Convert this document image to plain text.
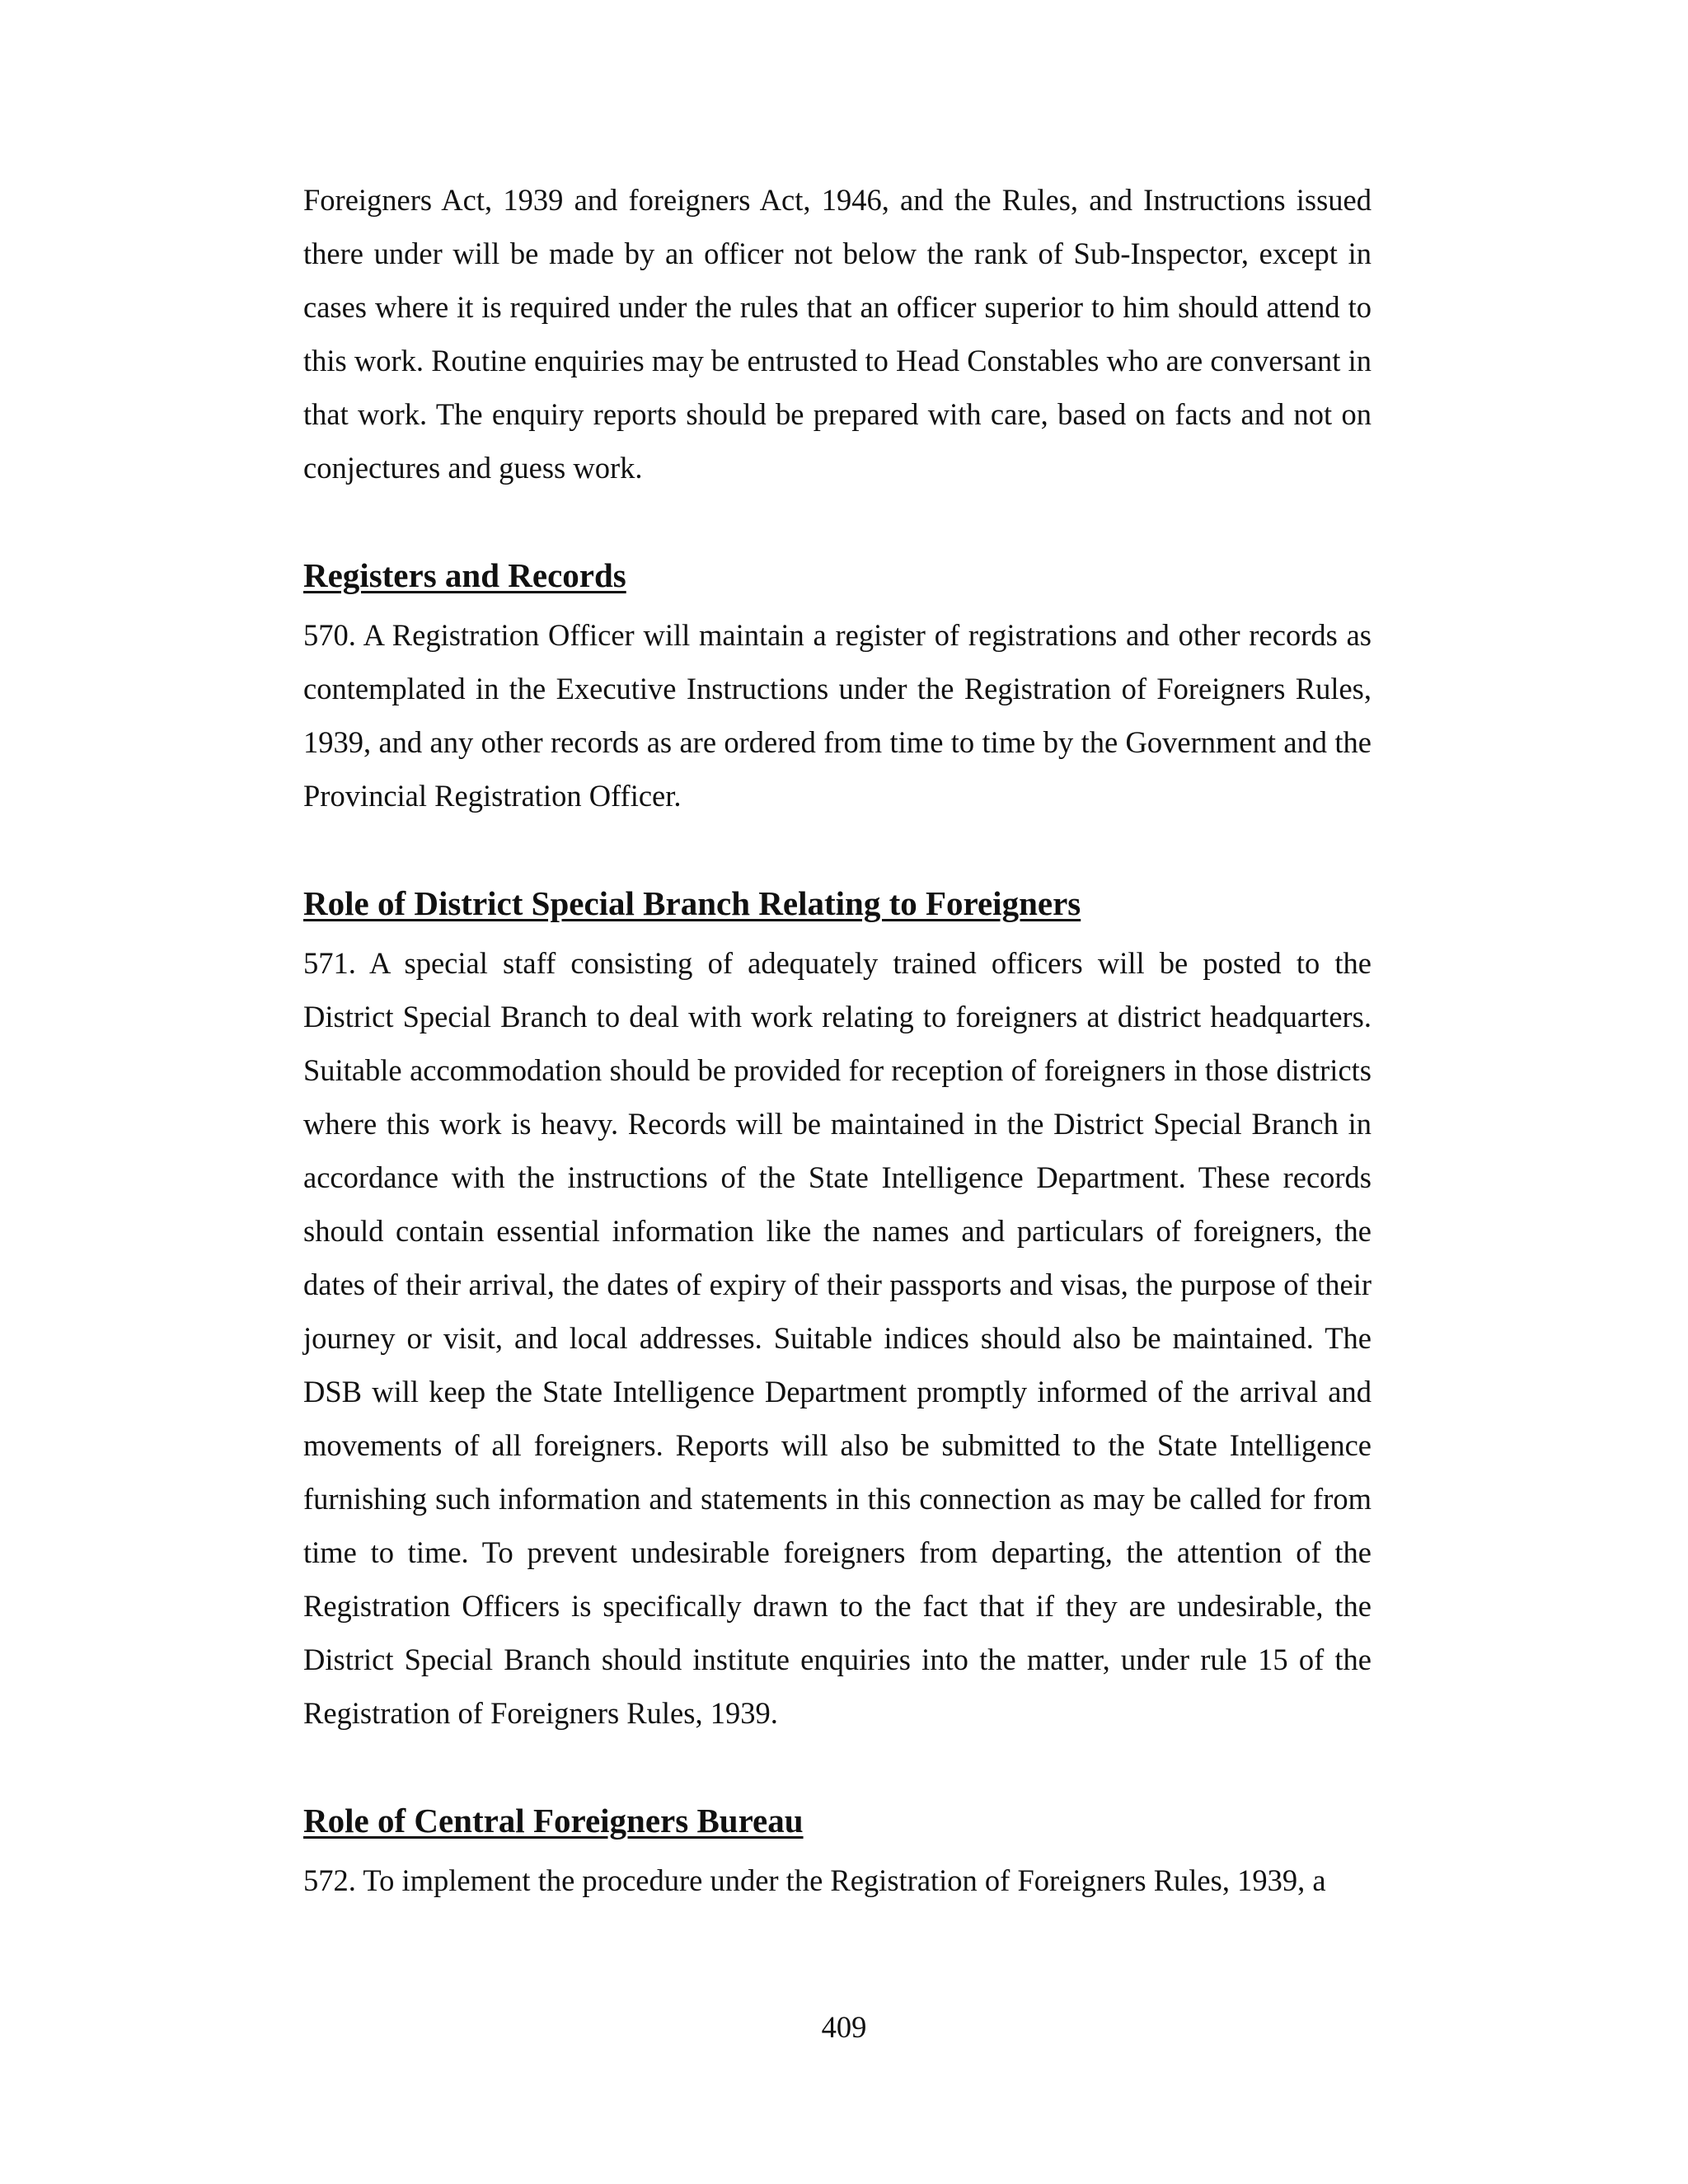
Foreigners Act, 1939 and foreigners Act, 1946, and the Rules, and Instructions issued there under will be made by an officer not below the rank of Sub-Inspector, except in cases where it is required under the rules that an officer superior to him should attend to this work. Routine enquiries may be entrusted to Head Constables who are conversant in that work. The enquiry reports should be prepared with care, based on facts and not on conjectures and guess work.

Registers and Records

570. A Registration Officer will maintain a register of registrations and other records as contemplated in the Executive Instructions under the Registration of Foreigners Rules, 1939, and any other records as are ordered from time to time by the Government and the Provincial Registration Officer.

Role of District Special Branch Relating to Foreigners

571. A special staff consisting of adequately trained officers will be posted to the District Special Branch to deal with work relating to foreigners at district headquarters. Suitable accommodation should be provided for reception of foreigners in those districts where this work is heavy. Records will be maintained in the District Special Branch in accordance with the instructions of the State Intelligence Department. These records should contain essential information like the names and particulars of foreigners, the dates of their arrival, the dates of expiry of their passports and visas, the purpose of their journey or visit, and local addresses. Suitable indices should also be maintained. The DSB will keep the State Intelligence Department promptly informed of the arrival and movements of all foreigners. Reports will also be submitted to the State Intelligence furnishing such information and statements in this connection as may be called for from time to time. To prevent undesirable foreigners from departing, the attention of the Registration Officers is specifically drawn to the fact that if they are undesirable, the District Special Branch should institute enquiries into the matter, under rule 15 of the Registration of Foreigners Rules, 1939.

Role of Central Foreigners Bureau

572. To implement the procedure under the Registration of Foreigners Rules, 1939, a

409
